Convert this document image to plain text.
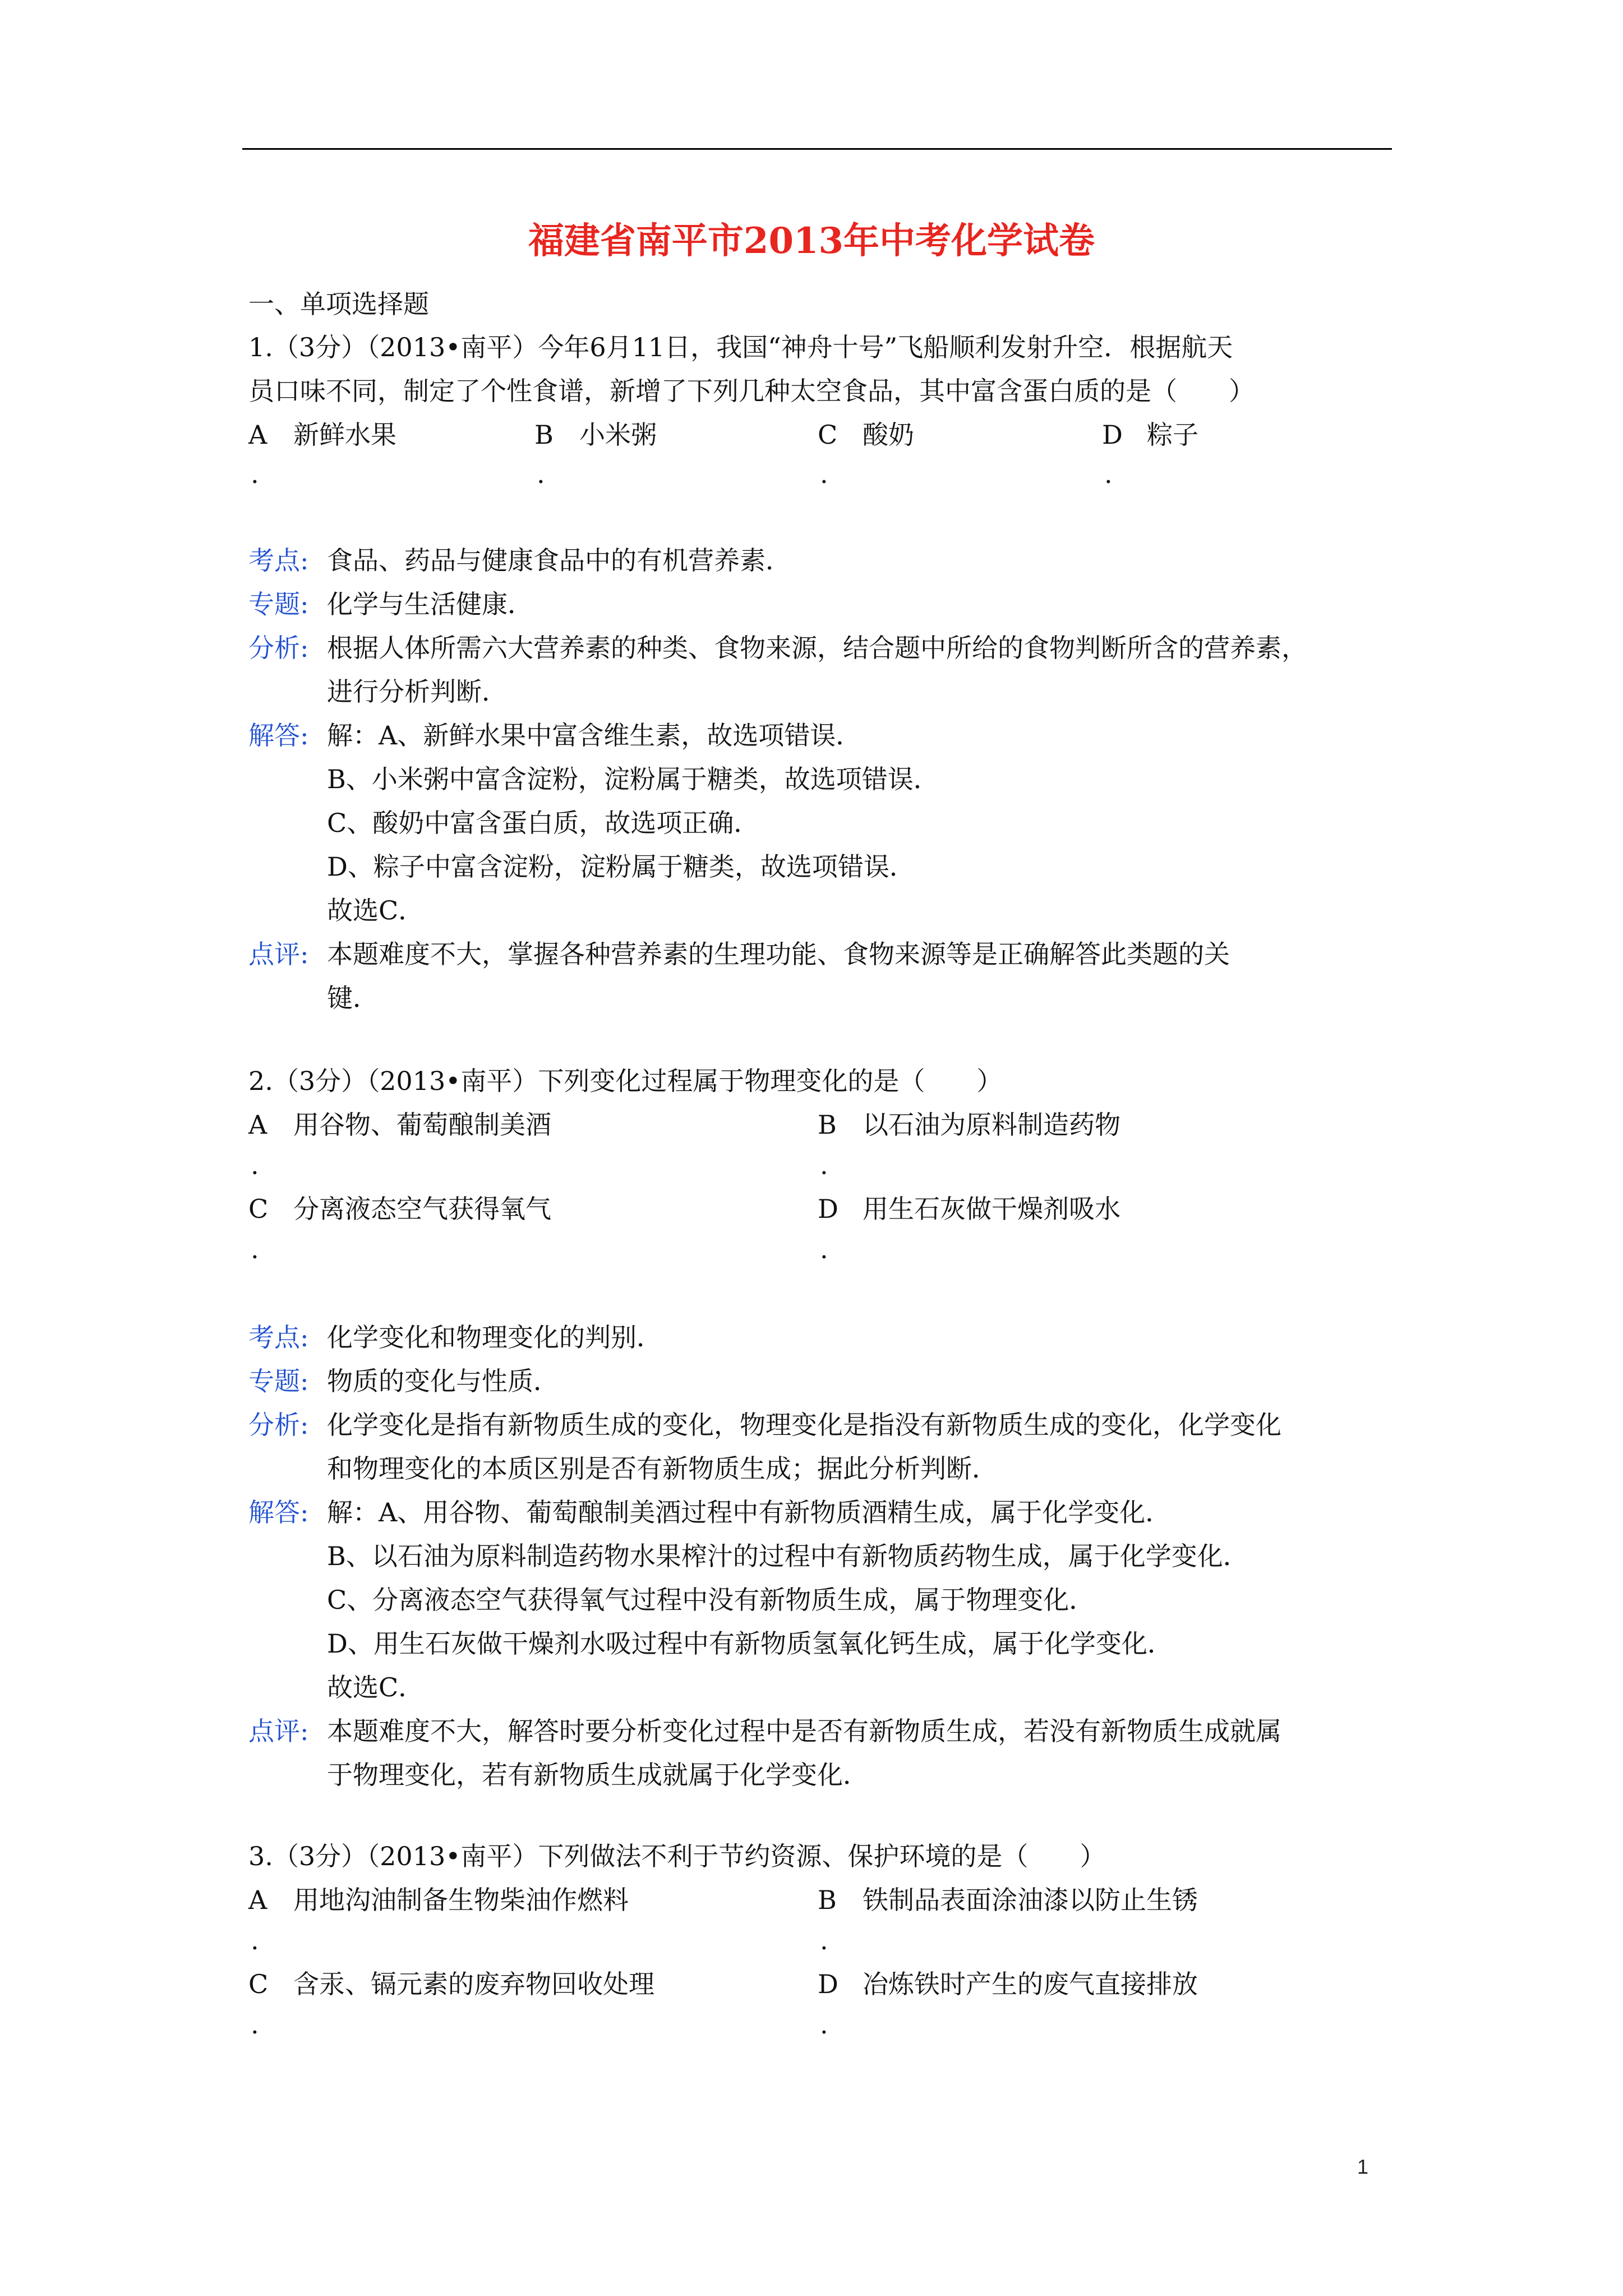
福建省南平市2013年中考化学试卷
一、单项选择题
1.（3分）（2013•南平）今年6月11日，我国“神舟十号”飞船顺利发射升空．根据航天
员口味不同，制定了个性食谱，新增了下列几种太空食品，其中富含蛋白质的是（　　）
A 新鲜水果	B 小米粥	C 酸奶	D 粽子
.	.	.	.
考点: 食品、药品与健康食品中的有机营养素．
专题: 化学与生活健康．
分析: 根据人体所需六大营养素的种类、食物来源，结合题中所给的食物判断所含的营养素，
进行分析判断．
解答: 解：A、新鲜水果中富含维生素，故选项错误．
B、小米粥中富含淀粉，淀粉属于糖类，故选项错误．
C、酸奶中富含蛋白质，故选项正确．
D、粽子中富含淀粉，淀粉属于糖类，故选项错误．
故选C．
点评: 本题难度不大，掌握各种营养素的生理功能、食物来源等是正确解答此类题的关
键．
2.（3分）（2013•南平）下列变化过程属于物理变化的是（　　）
A 用谷物、葡萄酿制美酒	B 以石油为原料制造药物
.	.
C 分离液态空气获得氧气	D 用生石灰做干燥剂吸水
.	.
考点: 化学变化和物理变化的判别．
专题: 物质的变化与性质．
分析: 化学变化是指有新物质生成的变化，物理变化是指没有新物质生成的变化，化学变化
和物理变化的本质区别是否有新物质生成；据此分析判断．
解答: 解：A、用谷物、葡萄酿制美酒过程中有新物质酒精生成，属于化学变化．
B、以石油为原料制造药物水果榨汁的过程中有新物质药物生成，属于化学变化．
C、分离液态空气获得氧气过程中没有新物质生成，属于物理变化．
D、用生石灰做干燥剂水吸过程中有新物质氢氧化钙生成，属于化学变化．
故选C．
点评: 本题难度不大，解答时要分析变化过程中是否有新物质生成，若没有新物质生成就属
于物理变化，若有新物质生成就属于化学变化．
3.（3分）（2013•南平）下列做法不利于节约资源、保护环境的是（　　）
A 用地沟油制备生物柴油作燃料	B 铁制品表面涂油漆以防止生锈
.	.
C 含汞、镉元素的废弃物回收处理	D 冶炼铁时产生的废气直接排放
.	.
1
